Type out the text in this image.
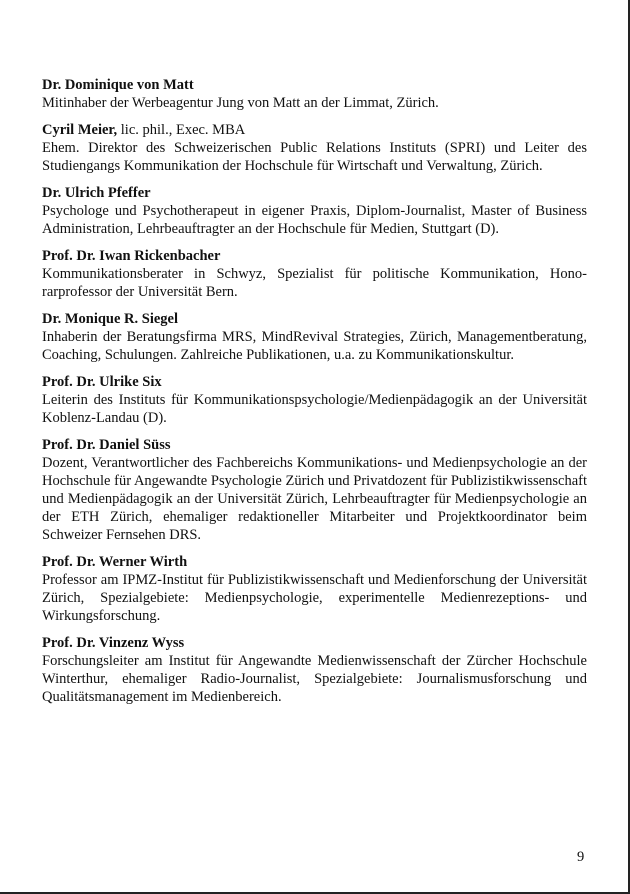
Dr. Dominique von Matt
Mitinhaber der Werbeagentur Jung von Matt an der Limmat, Zürich.
Cyril Meier, lic. phil., Exec. MBA
Ehem. Direktor des Schweizerischen Public Relations Instituts (SPRI) und Leiter des Studiengangs Kommunikation der Hochschule für Wirtschaft und Verwaltung, Zürich.
Dr. Ulrich Pfeffer
Psychologe und Psychotherapeut in eigener Praxis, Diplom-Journalist, Master of Business Administration, Lehrbeauftragter an der Hochschule für Medien, Stuttgart (D).
Prof. Dr. Iwan Rickenbacher
Kommunikationsberater in Schwyz, Spezialist für politische Kommunikation, Honorarprofessor der Universität Bern.
Dr. Monique R. Siegel
Inhaberin der Beratungsfirma MRS, MindRevival Strategies, Zürich, Managementberatung, Coaching, Schulungen. Zahlreiche Publikationen, u.a. zu Kommunikationskultur.
Prof. Dr. Ulrike Six
Leiterin des Instituts für Kommunikationspsychologie/Medienpädagogik an der Universität Koblenz-Landau (D).
Prof. Dr. Daniel Süss
Dozent, Verantwortlicher des Fachbereichs Kommunikations- und Medienpsychologie an der Hochschule für Angewandte Psychologie Zürich und Privatdozent für Publizistikwissenschaft und Medienpädagogik an der Universität Zürich, Lehrbeauftragter für Medienpsychologie an der ETH Zürich, ehemaliger redaktioneller Mitarbeiter und Projektkoordinator beim Schweizer Fernsehen DRS.
Prof. Dr. Werner Wirth
Professor am IPMZ-Institut für Publizistikwissenschaft und Medienforschung der Universität Zürich, Spezialgebiete: Medienpsychologie, experimentelle Medienrezeptions- und Wirkungsforschung.
Prof. Dr. Vinzenz Wyss
Forschungsleiter am Institut für Angewandte Medienwissenschaft der Zürcher Hochschule Winterthur, ehemaliger Radio-Journalist, Spezialgebiete: Journalismusforschung und Qualitätsmanagement im Medienbereich.
9
